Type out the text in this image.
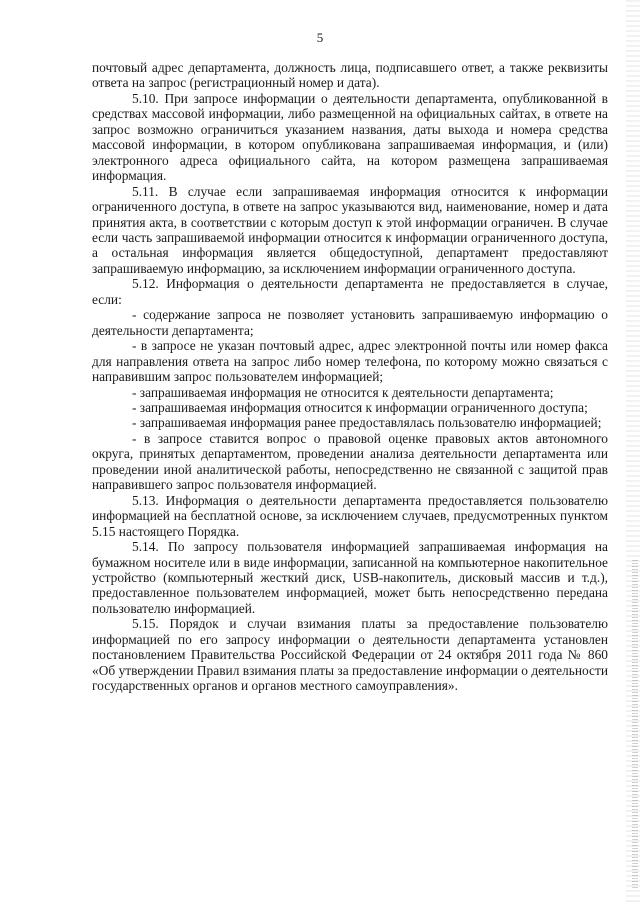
5

почтовый адрес департамента, должность лица, подписавшего ответ, а также реквизиты ответа на запрос (регистрационный номер и дата).

5.10. При запросе информации о деятельности департамента, опубликованной в средствах массовой информации, либо размещенной на официальных сайтах, в ответе на запрос возможно ограничиться указанием названия, даты выхода и номера средства массовой информации, в котором опубликована запрашиваемая информация, и (или) электронного адреса официального сайта, на котором размещена запрашиваемая информация.

5.11. В случае если запрашиваемая информация относится к информации ограниченного доступа, в ответе на запрос указываются вид, наименование, номер и дата принятия акта, в соответствии с которым доступ к этой информации ограничен. В случае если часть запрашиваемой информации относится к информации ограниченного доступа, а остальная информация является общедоступной, департамент предоставляют запрашиваемую информацию, за исключением информации ограниченного доступа.

5.12. Информация о деятельности департамента не предоставляется в случае, если:

- содержание запроса не позволяет установить запрашиваемую информацию о деятельности департамента;

- в запросе не указан почтовый адрес, адрес электронной почты или номер факса для направления ответа на запрос либо номер телефона, по которому можно связаться с направившим запрос пользователем информацией;

- запрашиваемая информация не относится к деятельности департамента;

- запрашиваемая информация относится к информации ограниченного доступа;

- запрашиваемая информация ранее предоставлялась пользователю информацией;

- в запросе ставится вопрос о правовой оценке правовых актов автономного округа, принятых департаментом, проведении анализа деятельности департамента или проведении иной аналитической работы, непосредственно не связанной с защитой прав направившего запрос пользователя информацией.

5.13. Информация о деятельности департамента предоставляется пользователю информацией на бесплатной основе, за исключением случаев, предусмотренных пунктом 5.15 настоящего Порядка.

5.14. По запросу пользователя информацией запрашиваемая информация на бумажном носителе или в виде информации, записанной на компьютерное накопительное устройство (компьютерный жесткий диск, USB-накопитель, дисковый массив и т.д.), предоставленное пользователем информацией, может быть непосредственно передана пользователю информацией.

5.15. Порядок и случаи взимания платы за предоставление пользователю информацией по его запросу информации о деятельности департамента установлен постановлением Правительства Российской Федерации от 24 октября 2011 года № 860 «Об утверждении Правил взимания платы за предоставление информации о деятельности государственных органов и органов местного самоуправления».
